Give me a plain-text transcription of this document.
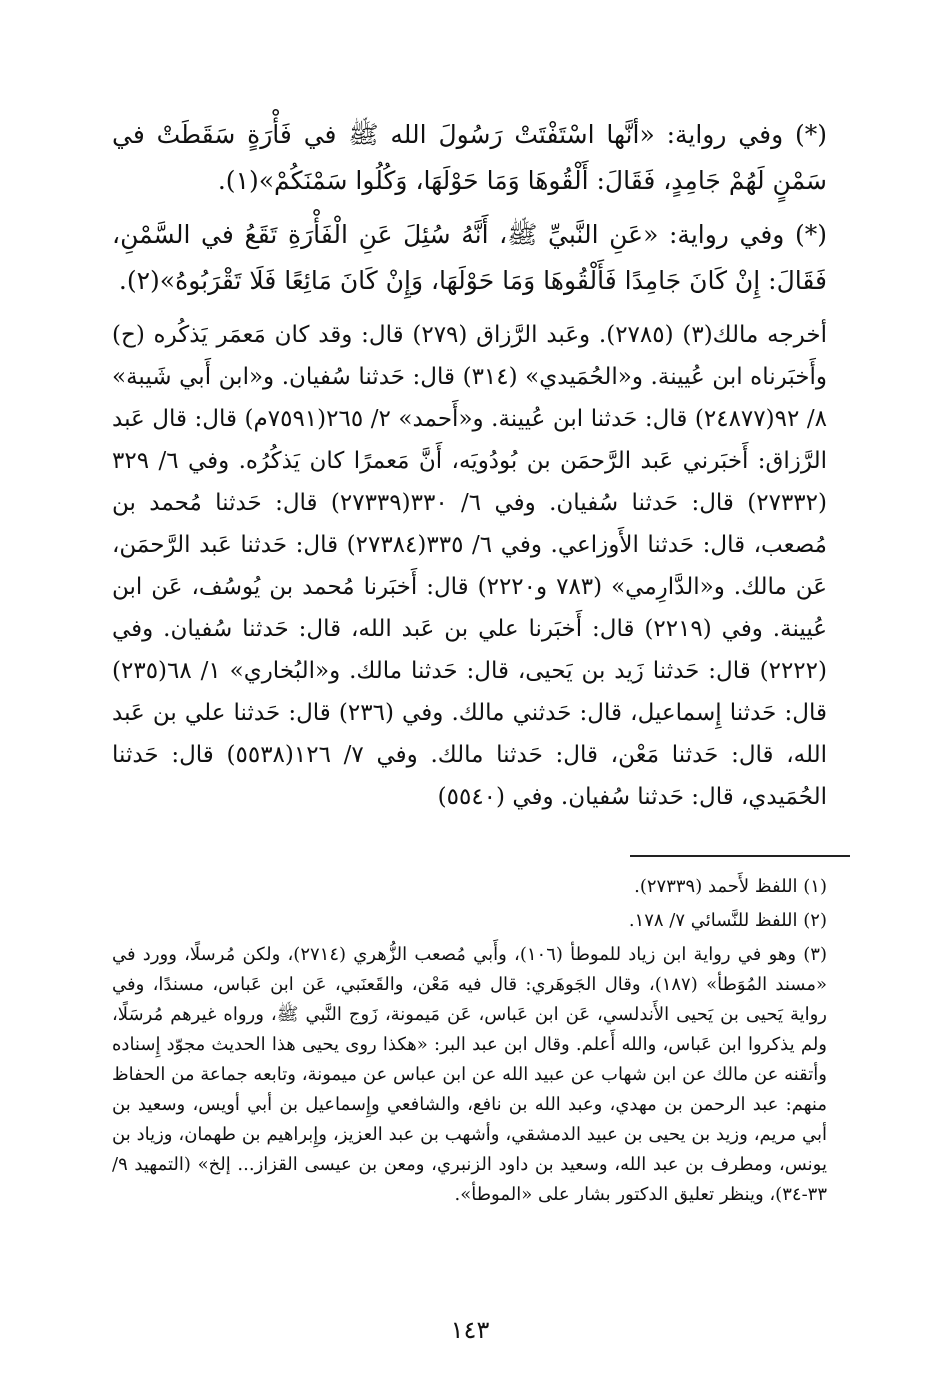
(*) وفي رواية: «أنَّها اسْتَفْتَتْ رَسُولَ الله ﷺ في فَأْرَةٍ سَقَطَتْ في سَمْنٍ لَهُمْ جَامِدٍ، فَقَالَ: أَلْقُوهَا وَمَا حَوْلَهَا، وَكُلُوا سَمْنَكُمْ»(١).

(*) وفي رواية: «عَنِ النَّبيِّ ﷺ، أَنَّهُ سُئِلَ عَنِ الْفَأْرَةِ تَقَعُ في السَّمْنِ، فَقَالَ: إِنْ كَانَ جَامِدًا فَأَلْقُوهَا وَمَا حَوْلَهَا، وَإِنْ كَانَ مَائِعًا فَلَا تَقْرَبُوهُ»(٢).

أخرجه مالك(٣) (٢٧٨٥). وعَبد الرَّزاق (٢٧٩) قال: وقد كان مَعمَر يَذكُره (ح) وأَخبَرناه ابن عُيينة. و«الحُمَيدي» (٣١٤) قال: حَدثنا سُفيان. و«ابن أَبي شَيبة» ٨/ ٩٢(٢٤٨٧٧) قال: حَدثنا ابن عُيينة. و«أَحمد» ٢/ ٢٦٥(٧٥٩١م) قال: قال عَبد الرَّزاق: أَخبَرني عَبد الرَّحمَن بن بُودُويَه، أَنَّ مَعمرًا كان يَذكُرُه. وفي ٦/ ٣٢٩ (٢٧٣٣٢) قال: حَدثنا سُفيان. وفي ٦/ ٣٣٠(٢٧٣٣٩) قال: حَدثنا مُحمد بن مُصعب، قال: حَدثنا الأَوزاعي. وفي ٦/ ٣٣٥(٢٧٣٨٤) قال: حَدثنا عَبد الرَّحمَن، عَن مالك. و«الدَّارِمي» (٧٨٣ و٢٢٢٠) قال: أَخبَرنا مُحمد بن يُوسُف، عَن ابن عُيينة. وفي (٢٢١٩) قال: أَخبَرنا علي بن عَبد الله، قال: حَدثنا سُفيان. وفي (٢٢٢٢) قال: حَدثنا زَيد بن يَحيى، قال: حَدثنا مالك. و«البُخاري» ١/ ٦٨(٢٣٥) قال: حَدثنا إِسماعيل، قال: حَدثني مالك. وفي (٢٣٦) قال: حَدثنا علي بن عَبد الله، قال: حَدثنا مَعْن، قال: حَدثنا مالك. وفي ٧/ ١٢٦(٥٥٣٨) قال: حَدثنا الحُمَيدي، قال: حَدثنا سُفيان. وفي (٥٥٤٠)

(١) اللفظ لأَحمد (٢٧٣٣٩).

(٢) اللفظ للنَّسائي ٧/ ١٧٨.

(٣) وهو في رواية ابن زياد للموطأ (١٠٦)، وأَبي مُصعب الزُّهري (٢٧١٤)، ولكن مُرسلًا، وورد في «مسند المُوَطأ» (١٨٧)، وقال الجَوهَري: قال فيه مَعْن، والقَعنَبي، عَن ابن عَباس، مسندًا، وفي رواية يَحيى بن يَحيى الأَندلسي، عَن ابن عَباس، عَن مَيمونة، زَوج النَّبي ﷺ، ورواه غيرهم مُرسَلًا، ولم يذكروا ابن عَباس، والله أَعلم. وقال ابن عبد البر: «هكذا روى يحيى هذا الحديث مجوّد إِسناده وأتقنه عن مالك عن ابن شهاب عن عبيد الله عن ابن عباس عن ميمونة، وتابعه جماعة من الحفاظ منهم: عبد الرحمن بن مهدي، وعبد الله بن نافع، والشافعي وإِسماعيل بن أبي أويس، وسعيد بن أبي مريم، وزيد بن يحيى بن عبيد الدمشقي، وأشهب بن عبد العزيز، وإِبراهيم بن طهمان، وزياد بن يونس، ومطرف بن عبد الله، وسعيد بن داود الزنبري، ومعن بن عيسى القزاز... إلخ» (التمهيد ٩/ ٣٣-٣٤)، وينظر تعليق الدكتور بشار على «الموطأ».

١٤٣
